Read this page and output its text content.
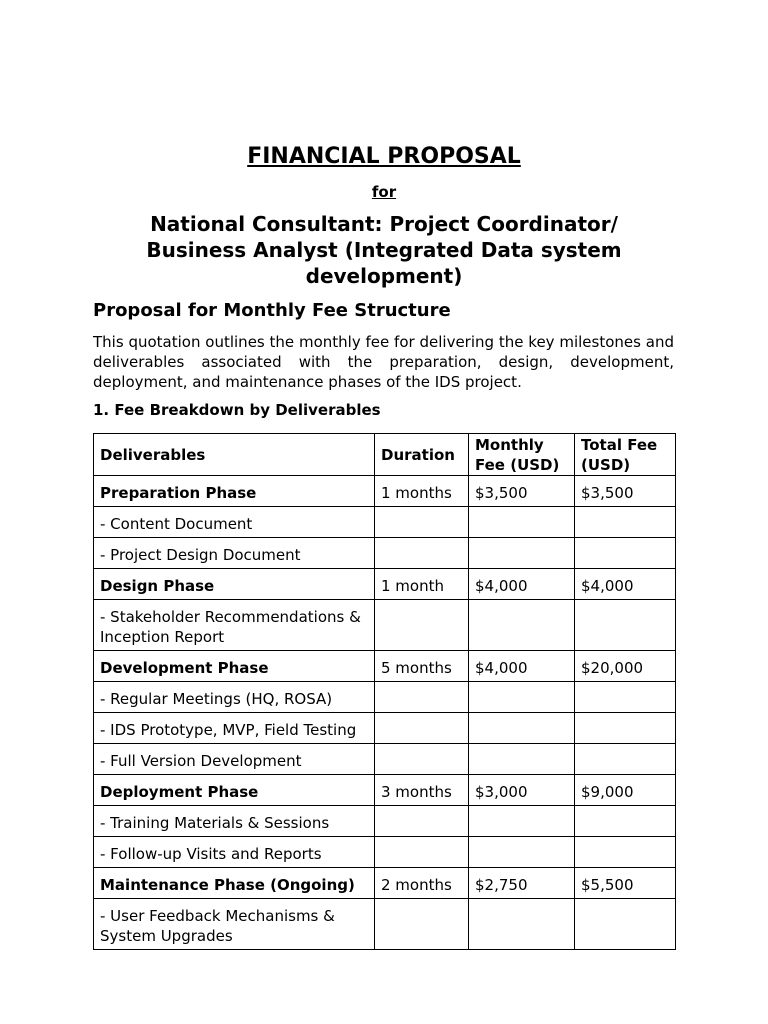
FINANCIAL PROPOSAL
for
National Consultant: Project Coordinator/ Business Analyst (Integrated Data system development)
Proposal for Monthly Fee Structure

This quotation outlines the monthly fee for delivering the key milestones and deliverables associated with the preparation, design, development, deployment, and maintenance phases of the IDS project.

1. Fee Breakdown by Deliverables
Deliverables	Duration	Monthly Fee (USD)	Total Fee (USD)
Preparation Phase	1 months	$3,500	$3,500
- Content Document			
- Project Design Document			
Design Phase	1 month	$4,000	$4,000
- Stakeholder Recommendations & Inception Report			
Development Phase	5 months	$4,000	$20,000
- Regular Meetings (HQ, ROSA)			
- IDS Prototype, MVP, Field Testing			
- Full Version Development			
Deployment Phase	3 months	$3,000	$9,000
- Training Materials & Sessions			
- Follow-up Visits and Reports			
Maintenance Phase (Ongoing)	2 months	$2,750	$5,500
- User Feedback Mechanisms & System Upgrades			
